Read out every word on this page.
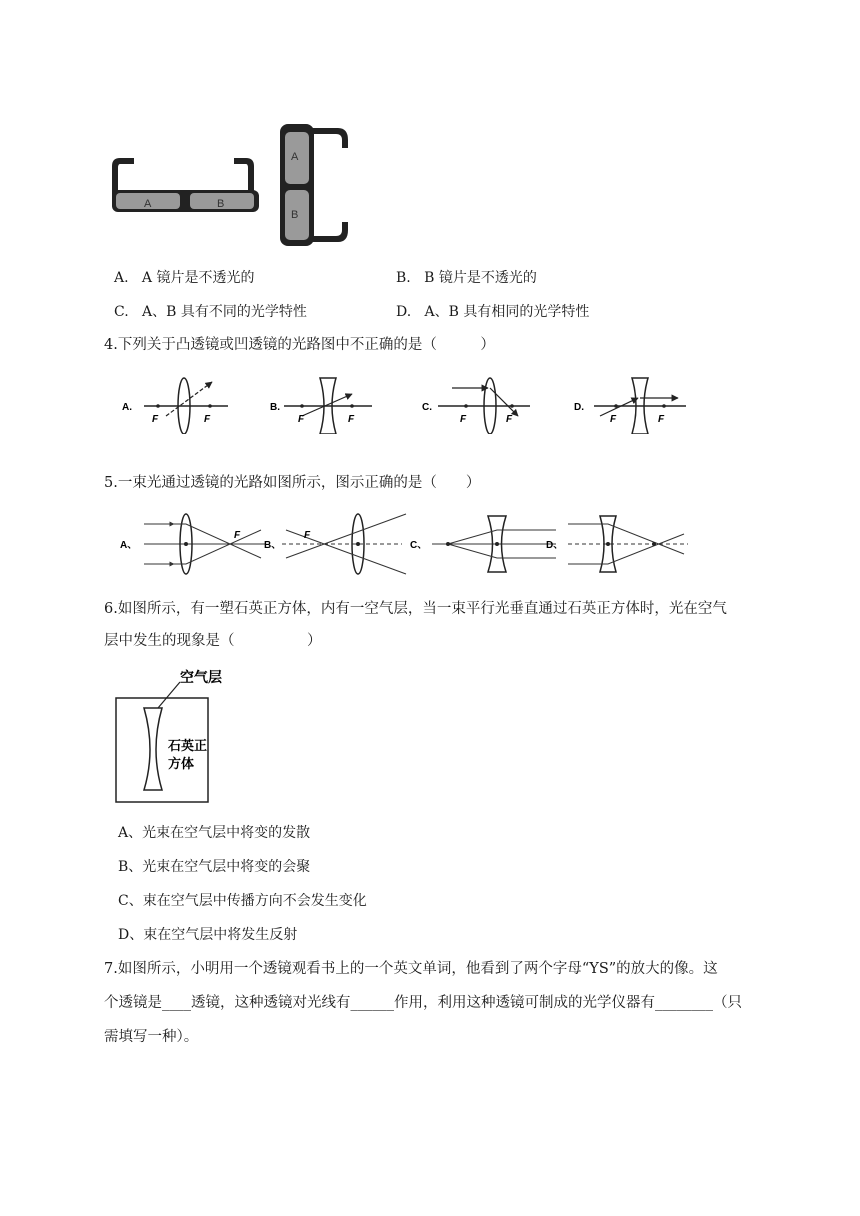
A	B
A
B
A. A 镜片是不透光的	B. B 镜片是不透光的
C. A、B 具有不同的光学特性	D. A、B 具有相同的光学特性
4.下列关于凸透镜或凹透镜的光路图中不正确的是（　　　）
A.
F	F
B.
F	F
C.
F	F
D.
F	F
5.一束光通过透镜的光路如图所示，图示正确的是（　　）
A、
F
B、
F
C、	D、
6.如图所示，有一塑石英正方体，内有一空气层，当一束平行光垂直通过石英正方体时，光在空气
层中发生的现象是（　　　　　）
空气层
石英正
方体
A、光束在空气层中将变的发散
B、光束在空气层中将变的会聚
C、束在空气层中传播方向不会发生变化
D、束在空气层中将发生反射
7.如图所示，小明用一个透镜观看书上的一个英文单词，他看到了两个字母“YS”的放大的像。这
个透镜是____透镜，这种透镜对光线有______作用，利用这种透镜可制成的光学仪器有________（只
需填写一种）。
